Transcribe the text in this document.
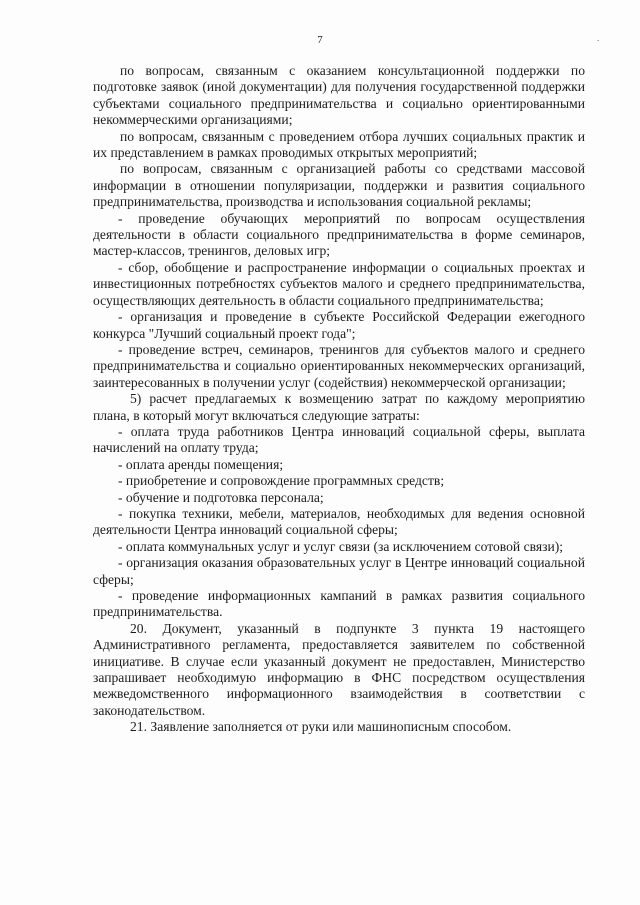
7	.

по вопросам, связанным с оказанием консультационной поддержки по подготовке заявок (иной документации) для получения государственной поддержки субъектами социального предпринимательства и социально ориентированными некоммерческими организациями;

по вопросам, связанным с проведением отбора лучших социальных практик и их представлением в рамках проводимых открытых мероприятий;

по вопросам, связанным с организацией работы со средствами массовой информации в отношении популяризации, поддержки и развития социального предпринимательства, производства и использования социальной рекламы;

- проведение обучающих мероприятий по вопросам осуществления деятельности в области социального предпринимательства в форме семинаров, мастер-классов, тренингов, деловых игр;

- сбор, обобщение и распространение информации о социальных проектах и инвестиционных потребностях субъектов малого и среднего предпринимательства, осуществляющих деятельность в области социального предпринимательства;

- организация и проведение в субъекте Российской Федерации ежегодного конкурса "Лучший социальный проект года";

- проведение встреч, семинаров, тренингов для субъектов малого и среднего предпринимательства и социально ориентированных некоммерческих организаций, заинтересованных в получении услуг (содействия) некоммерческой организации;

5) расчет предлагаемых к возмещению затрат по каждому мероприятию плана, в который могут включаться следующие затраты:

- оплата труда работников Центра инноваций социальной сферы, выплата начислений на оплату труда;

- оплата аренды помещения;

- приобретение и сопровождение программных средств;

- обучение и подготовка персонала;

- покупка техники, мебели, материалов, необходимых для ведения основной деятельности Центра инноваций социальной сферы;

- оплата коммунальных услуг и услуг связи (за исключением сотовой связи);

- организация оказания образовательных услуг в Центре инноваций социальной сферы;

- проведение информационных кампаний в рамках развития социального предпринимательства.

20. Документ, указанный в подпункте 3 пункта 19 настоящего Административного регламента, предоставляется заявителем по собственной инициативе. В случае если указанный документ не предоставлен, Министерство запрашивает необходимую информацию в ФНС посредством осуществления межведомственного информационного взаимодействия в соответствии с законодательством.

21. Заявление заполняется от руки или машинописным способом.
